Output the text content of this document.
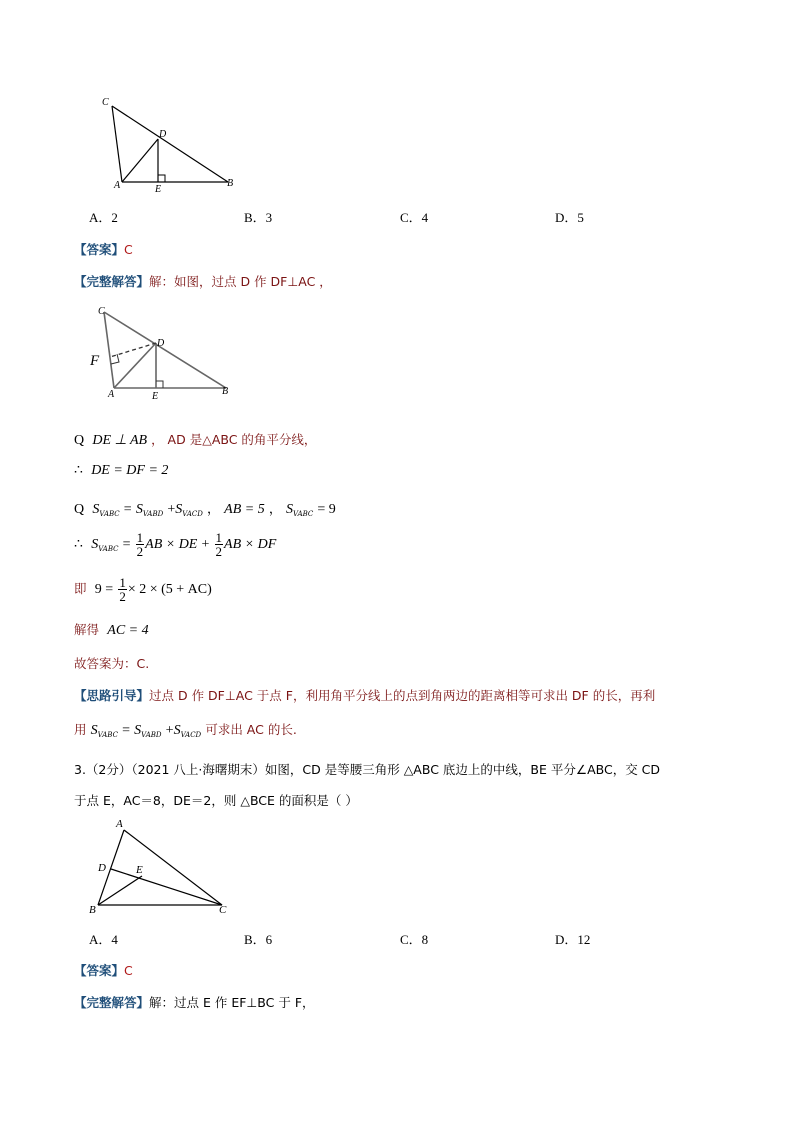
C
D
A	E
B
A．2	B．3	C．4	D．5
【答案】C
【完整解答】解：如图，过点 D 作 DF⊥AC ，
C
D
F
A	E	B
Q DE ⊥ AB ， AD 是△ABC 的角平分线，
∴ DE = DF = 2
Q $S_{VABC} = S_{VABD} +S_{VACD}$ ， AB = 5 ， $S_{VABC} = 9$
∴ $S_{VABC} = \frac{1}{2}$ AB × DE + $\frac{1}{2}$ AB × DF
即 $9 = \frac{1}{2} \times 2 \times (5 + AC)$
解得 AC = 4
故答案为：C.
【思路引导】过点 D 作 DF⊥AC 于点 F，利用角平分线上的点到角两边的距离相等可求出 DF 的长，再利
用 $S_{VABC} = S_{VABD} +S_{VACD}$ 可求出 AC 的长.
3.（2分）（2021 八上·海曙期末）如图，CD 是等腰三角形 △ABC 底边上的中线，BE 平分∠ABC，交 CD
于点 E，AC＝8，DE＝2，则 △BCE 的面积是（ ）
A
D	E
B	C
A．4	B．6	C．8	D．12
【答案】C
【完整解答】解：过点 E 作 EF⊥BC 于 F，
